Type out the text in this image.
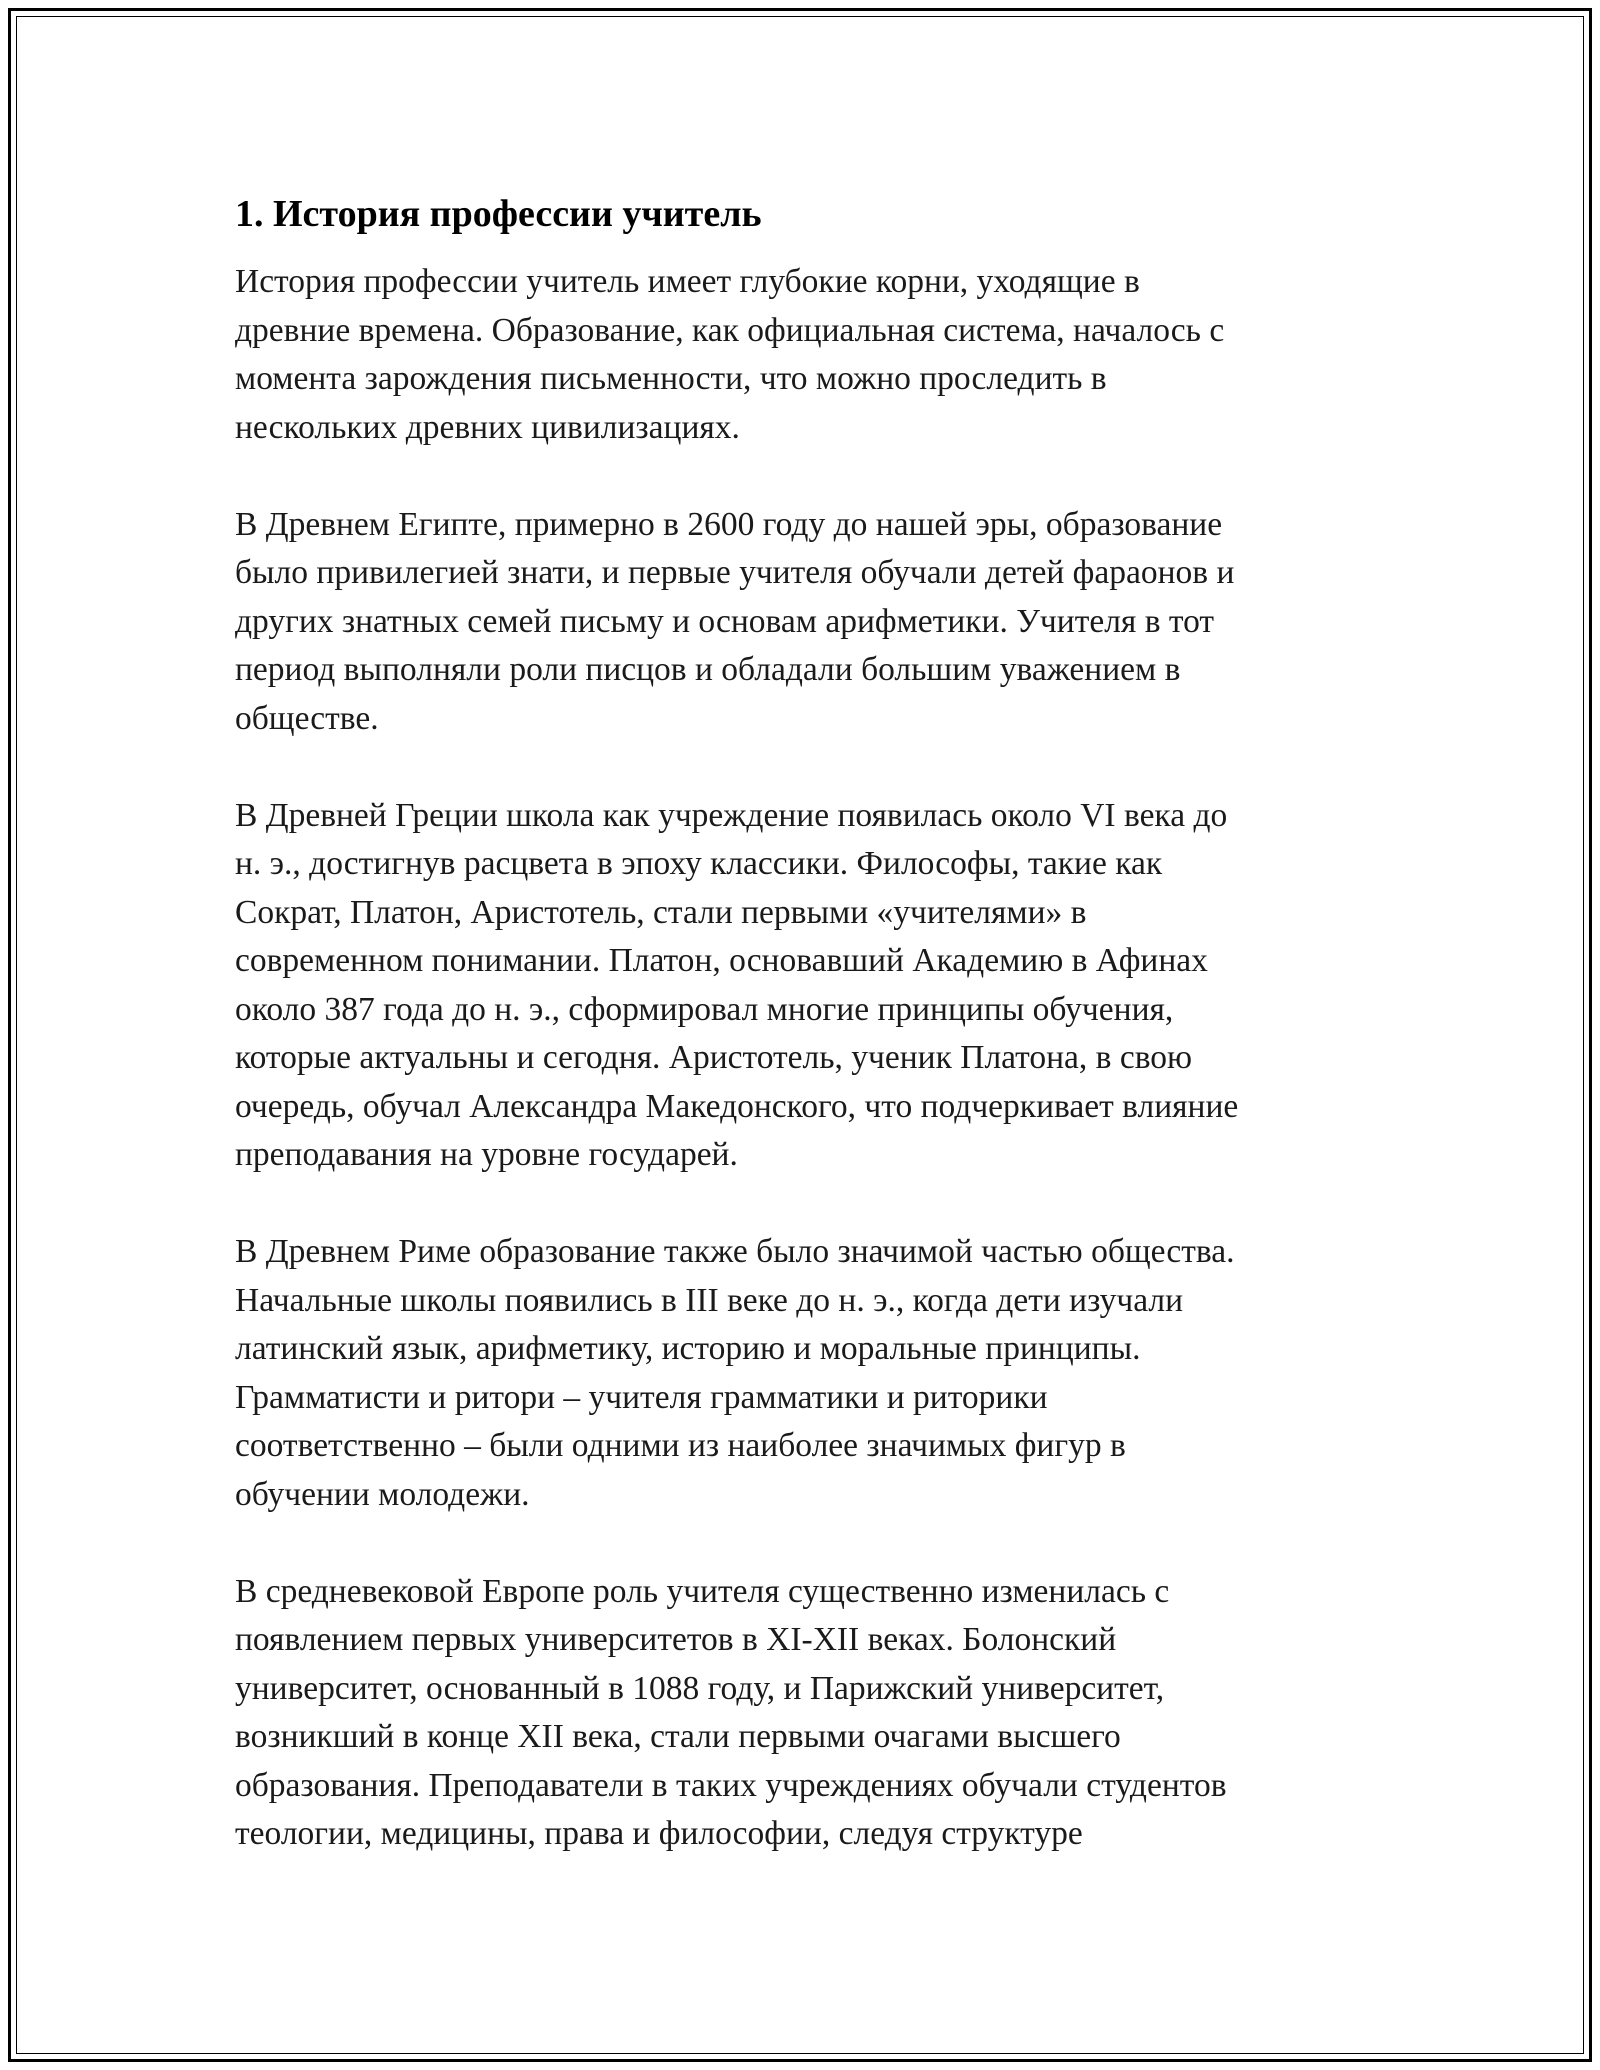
1. История профессии учитель

История профессии учитель имеет глубокие корни, уходящие в
древние времена. Образование, как официальная система, началось с
момента зарождения письменности, что можно проследить в
нескольких древних цивилизациях.

В Древнем Египте, примерно в 2600 году до нашей эры, образование
было привилегией знати, и первые учителя обучали детей фараонов и
других знатных семей письму и основам арифметики. Учителя в тот
период выполняли роли писцов и обладали большим уважением в
обществе.

В Древней Греции школа как учреждение появилась около VI века до
н. э., достигнув расцвета в эпоху классики. Философы, такие как
Сократ, Платон, Аристотель, стали первыми «учителями» в
современном понимании. Платон, основавший Академию в Афинах
около 387 года до н. э., сформировал многие принципы обучения,
которые актуальны и сегодня. Аристотель, ученик Платона, в свою
очередь, обучал Александра Македонского, что подчеркивает влияние
преподавания на уровне государей.

В Древнем Риме образование также было значимой частью общества.
Начальные школы появились в III веке до н. э., когда дети изучали
латинский язык, арифметику, историю и моральные принципы.
Грамматисти и ритори – учителя грамматики и риторики
соответственно – были одними из наиболее значимых фигур в
обучении молодежи.

В средневековой Европе роль учителя существенно изменилась с
появлением первых университетов в XI-XII веках. Болонский
университет, основанный в 1088 году, и Парижский университет,
возникший в конце XII века, стали первыми очагами высшего
образования. Преподаватели в таких учреждениях обучали студентов
теологии, медицины, права и философии, следуя структуре
